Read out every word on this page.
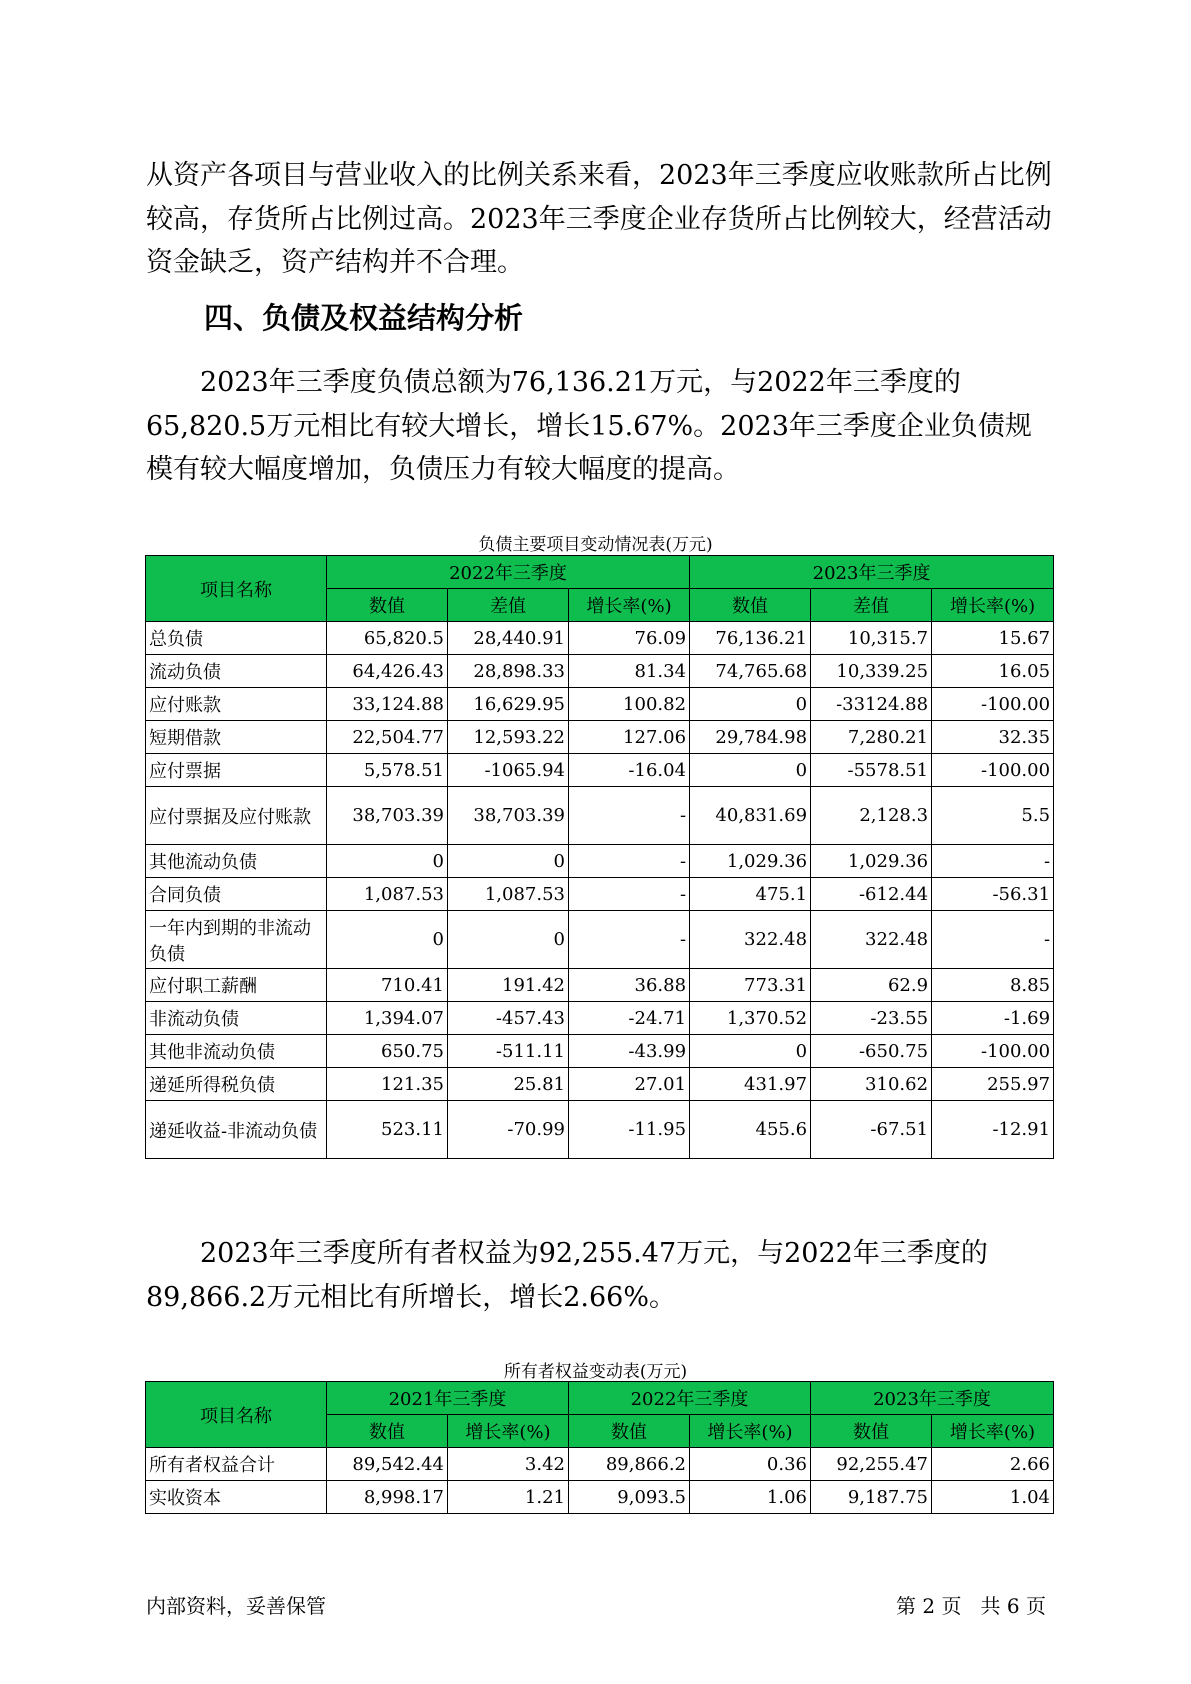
从资产各项目与营业收入的比例关系来看，2023年三季度应收账款所占比例较高，存货所占比例过高。2023年三季度企业存货所占比例较大，经营活动资金缺乏，资产结构并不合理。

四、负债及权益结构分析

2023年三季度负债总额为76,136.21万元，与2022年三季度的65,820.5万元相比有较大增长，增长15.67%。2023年三季度企业负债规模有较大幅度增加，负债压力有较大幅度的提高。

负债主要项目变动情况表(万元)
项目名称	2022年三季度			2023年三季度		
	数值	差值	增长率(%)	数值	差值	增长率(%)
总负债	65,820.5	28,440.91	76.09	76,136.21	10,315.7	15.67
流动负债	64,426.43	28,898.33	81.34	74,765.68	10,339.25	16.05
应付账款	33,124.88	16,629.95	100.82	0	-33124.88	-100.00
短期借款	22,504.77	12,593.22	127.06	29,784.98	7,280.21	32.35
应付票据	5,578.51	-1065.94	-16.04	0	-5578.51	-100.00
应付票据及应付账款	38,703.39	38,703.39	-	40,831.69	2,128.3	5.5
其他流动负债	0	0	-	1,029.36	1,029.36	-
合同负债	1,087.53	1,087.53	-	475.1	-612.44	-56.31
一年内到期的非流动负债	0	0	-	322.48	322.48	-
应付职工薪酬	710.41	191.42	36.88	773.31	62.9	8.85
非流动负债	1,394.07	-457.43	-24.71	1,370.52	-23.55	-1.69
其他非流动负债	650.75	-511.11	-43.99	0	-650.75	-100.00
递延所得税负债	121.35	25.81	27.01	431.97	310.62	255.97
递延收益-非流动负债	523.11	-70.99	-11.95	455.6	-67.51	-12.91

2023年三季度所有者权益为92,255.47万元，与2022年三季度的89,866.2万元相比有所增长，增长2.66%。

所有者权益变动表(万元)
项目名称	2021年三季度		2022年三季度		2023年三季度	
	数值	增长率(%)	数值	增长率(%)	数值	增长率(%)
所有者权益合计	89,542.44	3.42	89,866.2	0.36	92,255.47	2.66
实收资本	8,998.17	1.21	9,093.5	1.06	9,187.75	1.04
内部资料，妥善保管	第 2 页   共 6 页
